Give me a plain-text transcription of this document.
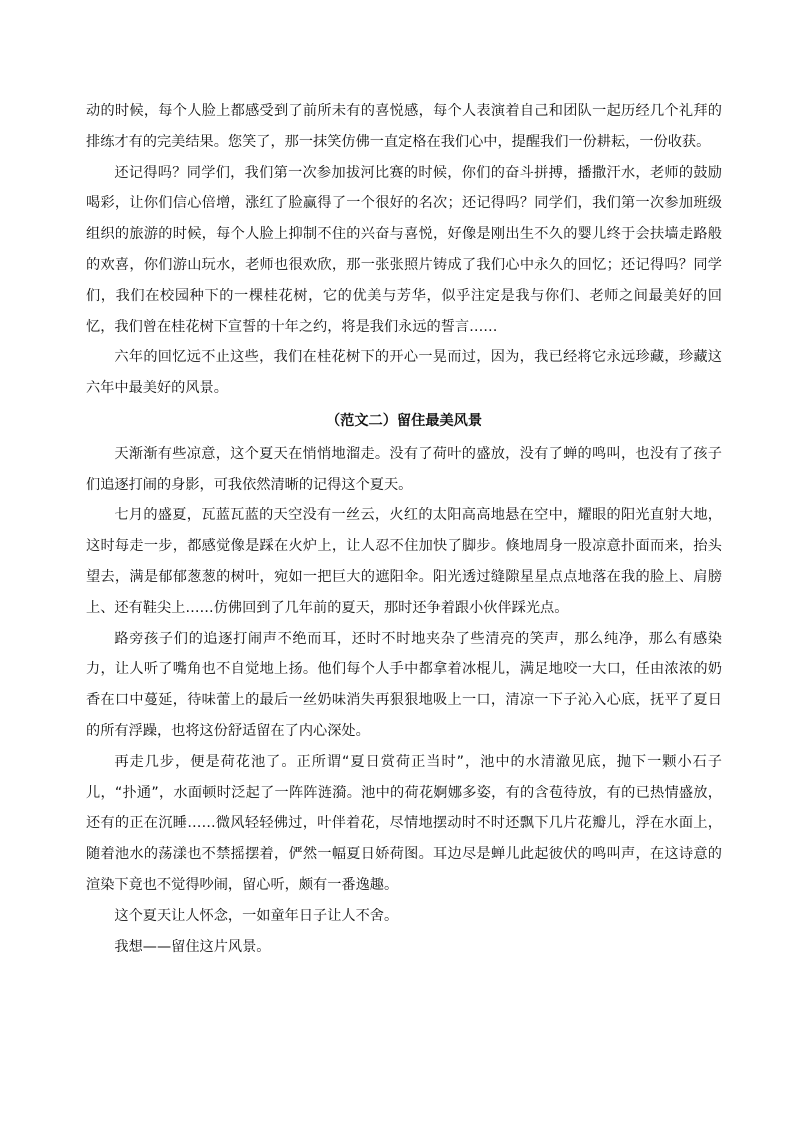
动的时候，每个人脸上都感受到了前所未有的喜悦感，每个人表演着自己和团队一起历经几个礼拜的排练才有的完美结果。您笑了，那一抹笑仿佛一直定格在我们心中，提醒我们一份耕耘，一份收获。

还记得吗？同学们，我们第一次参加拔河比赛的时候，你们的奋斗拼搏，播撒汗水，老师的鼓励喝彩，让你们信心倍增，涨红了脸赢得了一个很好的名次；还记得吗？同学们，我们第一次参加班级组织的旅游的时候，每个人脸上抑制不住的兴奋与喜悦，好像是刚出生不久的婴儿终于会扶墙走路般的欢喜，你们游山玩水，老师也很欢欣，那一张张照片铸成了我们心中永久的回忆；还记得吗？同学们，我们在校园种下的一棵桂花树，它的优美与芳华，似乎注定是我与你们、老师之间最美好的回忆，我们曾在桂花树下宣誓的十年之约，将是我们永远的誓言……

六年的回忆远不止这些，我们在桂花树下的开心一晃而过，因为，我已经将它永远珍藏，珍藏这六年中最美好的风景。

（范文二）留住最美风景

天渐渐有些凉意，这个夏天在悄悄地溜走。没有了荷叶的盛放，没有了蝉的鸣叫，也没有了孩子们追逐打闹的身影，可我依然清晰的记得这个夏天。

七月的盛夏，瓦蓝瓦蓝的天空没有一丝云，火红的太阳高高地悬在空中，耀眼的阳光直射大地，这时每走一步，都感觉像是踩在火炉上，让人忍不住加快了脚步。倏地周身一股凉意扑面而来，抬头望去，满是郁郁葱葱的树叶，宛如一把巨大的遮阳伞。阳光透过缝隙星星点点地落在我的脸上、肩膀上、还有鞋尖上……仿佛回到了几年前的夏天，那时还争着跟小伙伴踩光点。

路旁孩子们的追逐打闹声不绝而耳，还时不时地夹杂了些清亮的笑声，那么纯净，那么有感染力，让人听了嘴角也不自觉地上扬。他们每个人手中都拿着冰棍儿，满足地咬一大口，任由浓浓的奶香在口中蔓延，待味蕾上的最后一丝奶味消失再狠狠地吸上一口，清凉一下子沁入心底，抚平了夏日的所有浮躁，也将这份舒适留在了内心深处。

再走几步，便是荷花池了。正所谓“夏日赏荷正当时”，池中的水清澈见底，抛下一颗小石子儿，“扑通”，水面顿时泛起了一阵阵涟漪。池中的荷花婀娜多姿，有的含苞待放，有的已热情盛放，还有的正在沉睡……微风轻轻佛过，叶伴着花，尽情地摆动时不时还飘下几片花瓣儿，浮在水面上，随着池水的荡漾也不禁摇摆着，俨然一幅夏日娇荷图。耳边尽是蝉儿此起彼伏的鸣叫声，在这诗意的渲染下竟也不觉得吵闹，留心听，颇有一番逸趣。

这个夏天让人怀念，一如童年日子让人不舍。

我想——留住这片风景。
